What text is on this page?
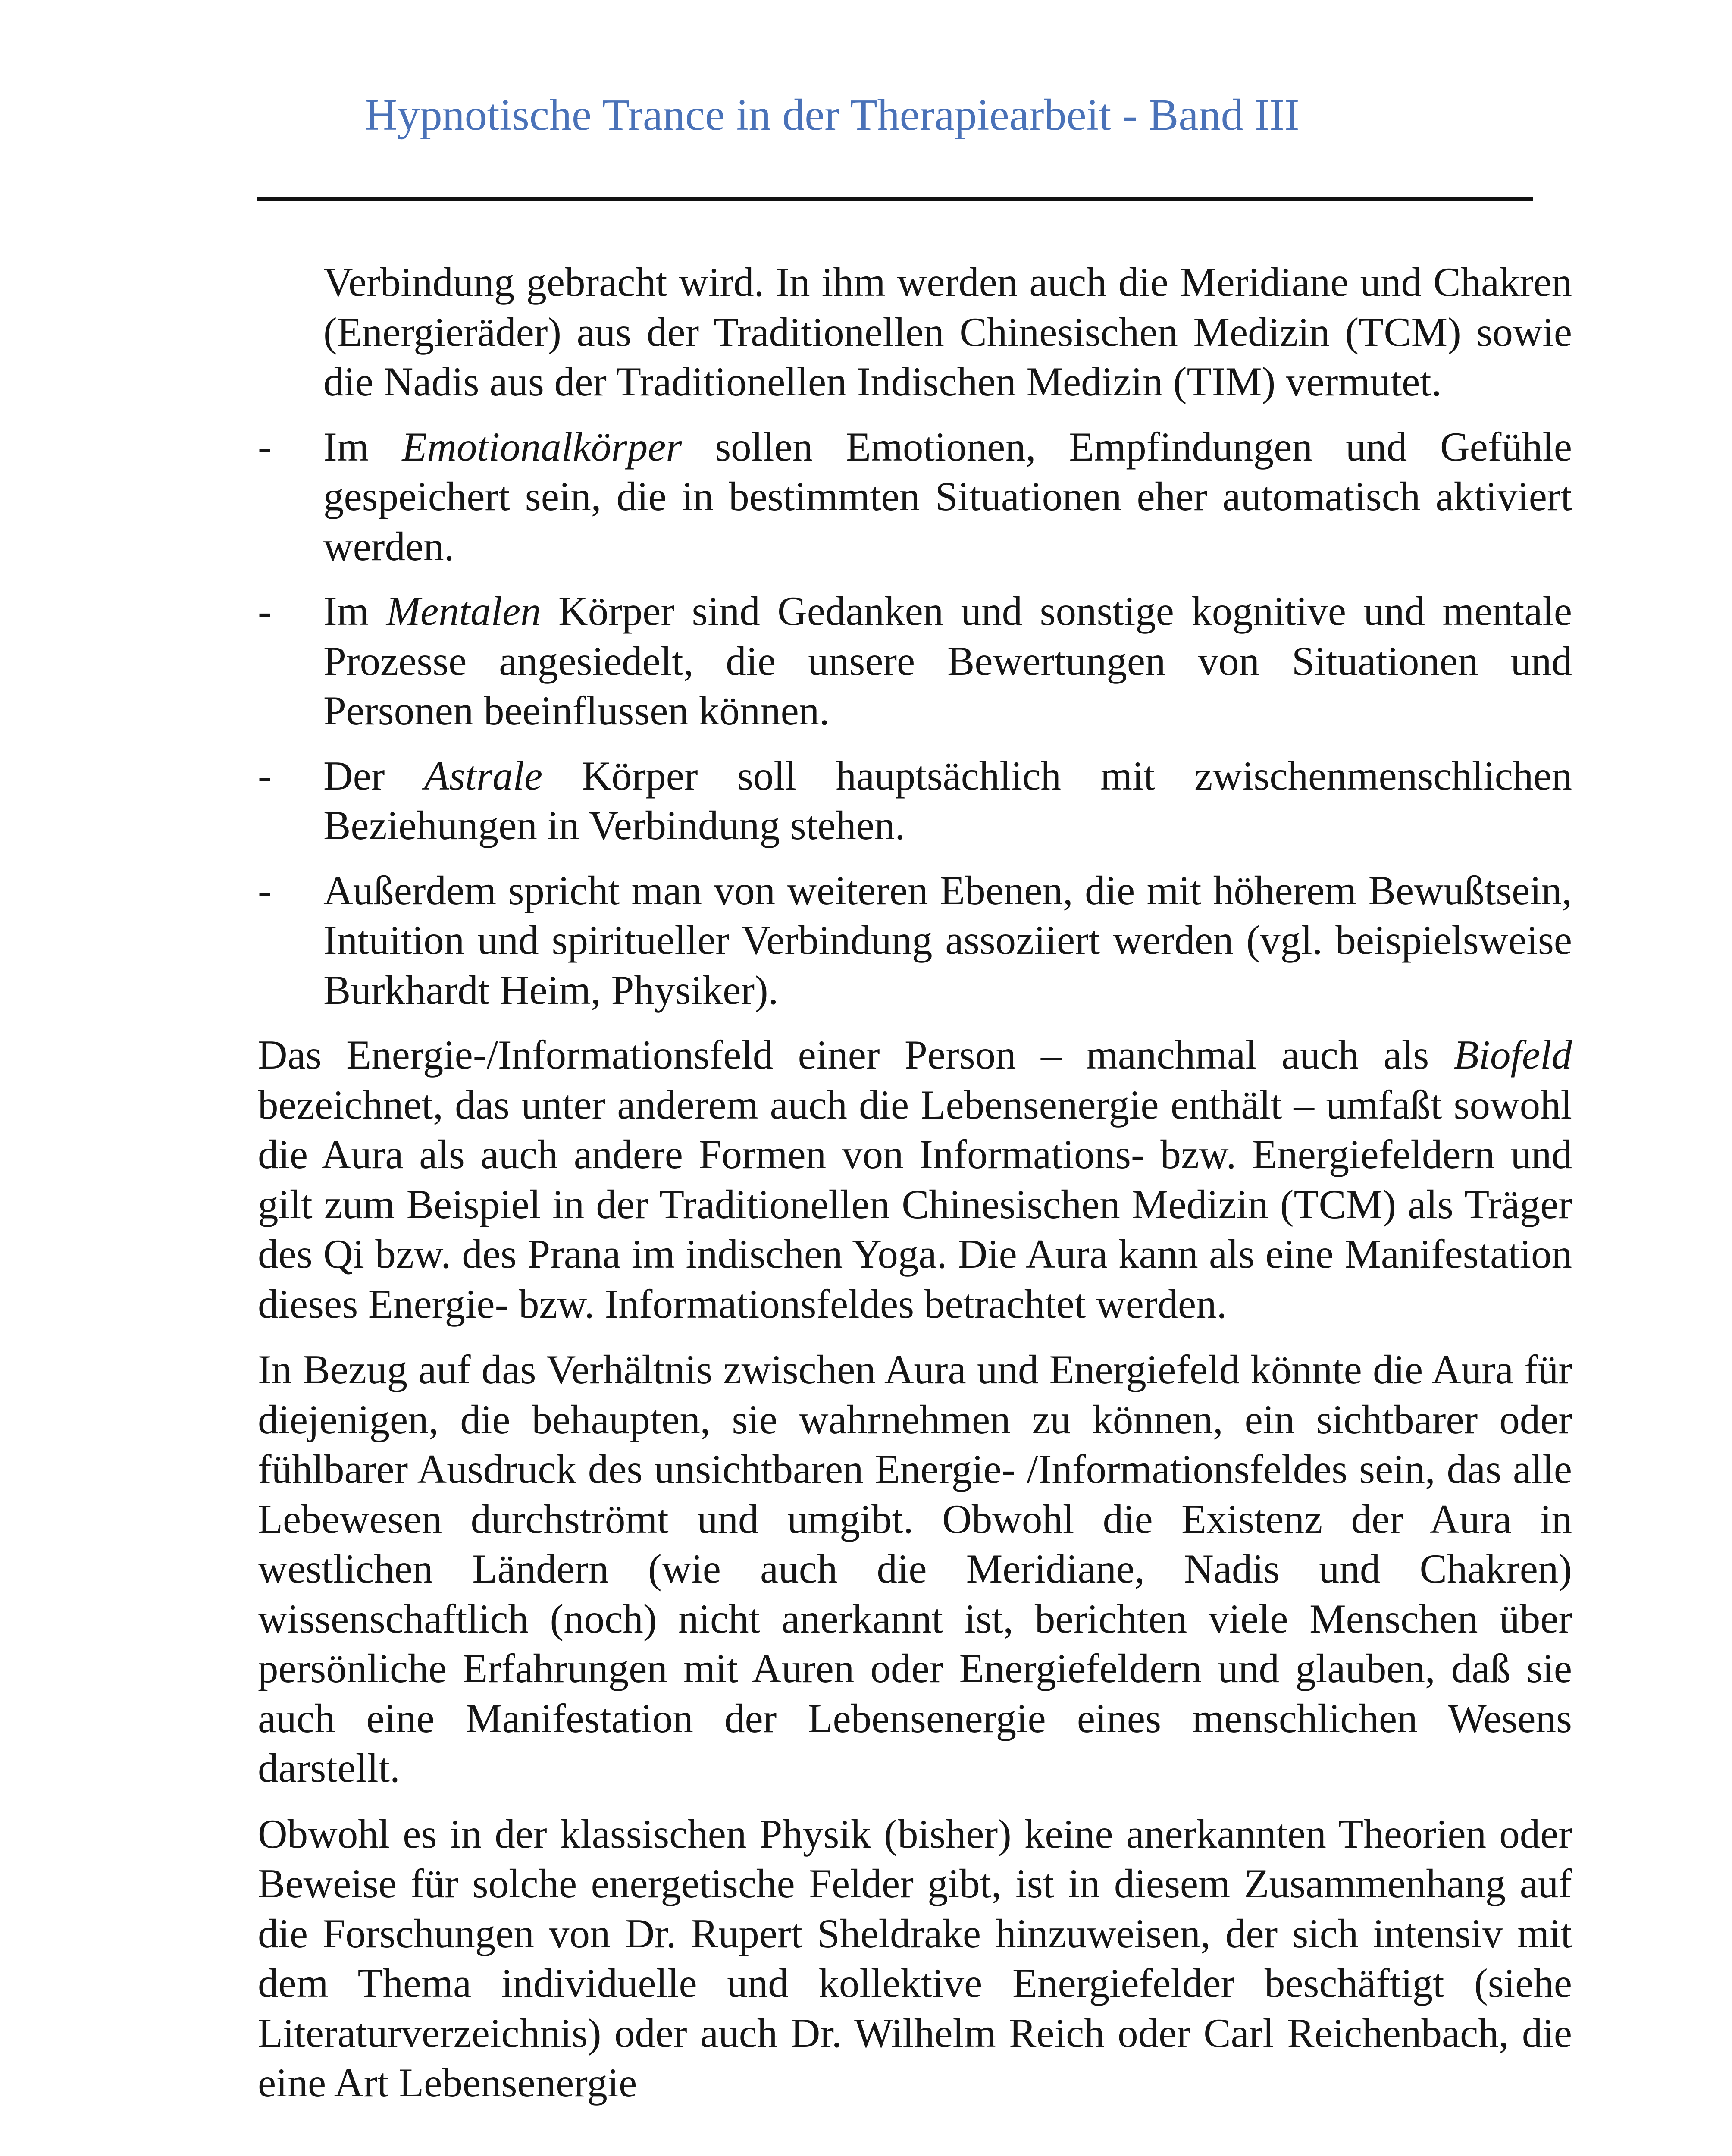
Hypnotische Trance in der Therapiearbeit - Band III

Verbindung gebracht wird. In ihm werden auch die Meridiane und Chakren (Energieräder) aus der Traditionellen Chinesischen Medizin (TCM) sowie die Nadis aus der Traditionellen Indischen Medizin (TIM) vermutet.

- Im Emotionalkörper sollen Emotionen, Empfindungen und Gefühle gespeichert sein, die in bestimmten Situationen eher automatisch aktiviert werden.

- Im Mentalen Körper sind Gedanken und sonstige kognitive und mentale Prozesse angesiedelt, die unsere Bewertungen von Situationen und Personen beeinflussen können.

- Der Astrale Körper soll hauptsächlich mit zwischenmenschlichen Beziehungen in Verbindung stehen.

- Außerdem spricht man von weiteren Ebenen, die mit höherem Bewußtsein, Intuition und spiritueller Verbindung assoziiert werden (vgl. beispielsweise Burkhardt Heim, Physiker).

Das Energie-/Informationsfeld einer Person – manchmal auch als Biofeld bezeichnet, das unter anderem auch die Lebensenergie enthält – umfaßt sowohl die Aura als auch andere Formen von Informations- bzw. Energiefeldern und gilt zum Beispiel in der Traditionellen Chinesischen Medizin (TCM) als Träger des Qi bzw. des Prana im indischen Yoga. Die Aura kann als eine Manifestation dieses Energie- bzw. Informationsfeldes betrachtet werden.

In Bezug auf das Verhältnis zwischen Aura und Energiefeld könnte die Aura für diejenigen, die behaupten, sie wahrnehmen zu können, ein sichtbarer oder fühlbarer Ausdruck des unsichtbaren Energie- /Informationsfeldes sein, das alle Lebewesen durchströmt und umgibt. Obwohl die Existenz der Aura in westlichen Ländern (wie auch die Meridiane, Nadis und Chakren) wissenschaftlich (noch) nicht anerkannt ist, berichten viele Menschen über persönliche Erfahrungen mit Auren oder Energiefeldern und glauben, daß sie auch eine Manifestation der Lebensenergie eines menschlichen Wesens darstellt.

Obwohl es in der klassischen Physik (bisher) keine anerkannten Theorien oder Beweise für solche energetische Felder gibt, ist in diesem Zusammenhang auf die Forschungen von Dr. Rupert Sheldrake hinzuweisen, der sich intensiv mit dem Thema individuelle und kollektive Energiefelder beschäftigt (siehe Literaturverzeichnis) oder auch Dr. Wilhelm Reich oder Carl Reichenbach, die eine Art Lebensenergie
